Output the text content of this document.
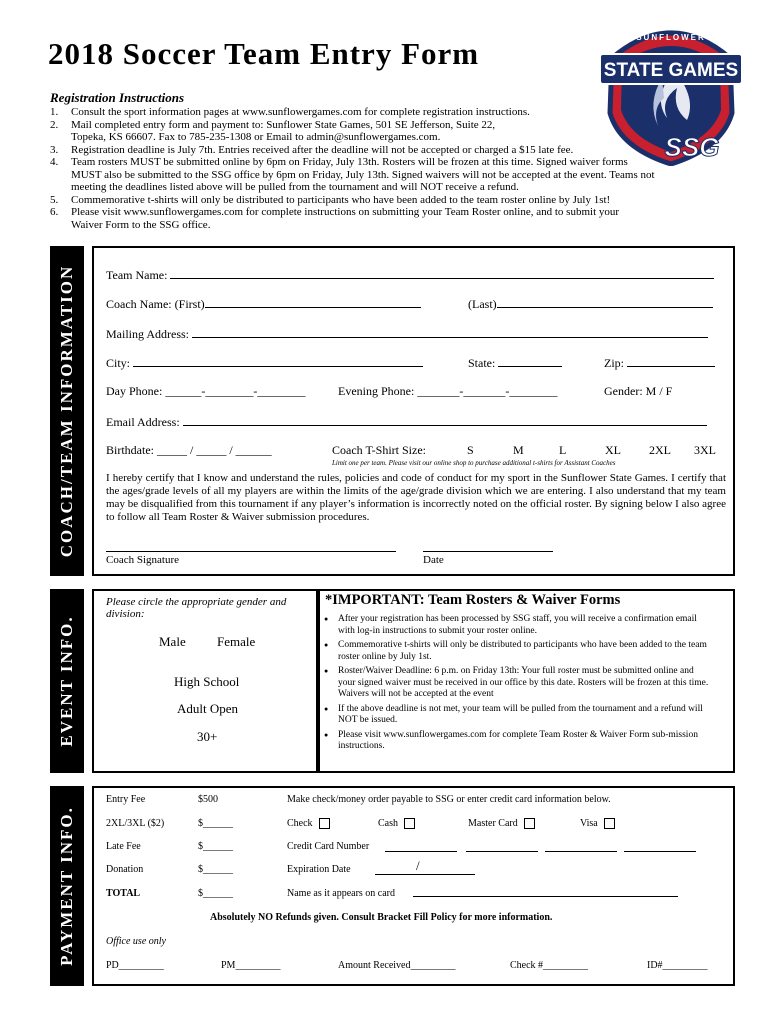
2018 Soccer Team Entry Form	STATE GAMES
SUNFLOWER
SSG
Registration Instructions
1.	Consult the sport information pages at www.sunflowergames.com for complete registration instructions.
2.	Mail completed entry form and payment to: Sunflower State Games, 501 SE Jefferson, Suite 22,
Topeka, KS 66607. Fax to 785-235-1308 or Email to admin@sunflowergames.com.
3.	Registration deadline is July 7th. Entries received after the deadline will not be accepted or charged a $15 late fee.
4.	Team rosters MUST be submitted online by 6pm on Friday, July 13th. Rosters will be frozen at this time. Signed waiver forms
MUST also be submitted to the SSG office by 6pm on Friday, July 13th. Signed waivers will not be accepted at the event. Teams not
meeting the deadlines listed above will be pulled from the tournament and will NOT receive a refund.
5.	Commemorative t-shirts will only be distributed to participants who have been added to the team roster online by July 1st!
6.	Please visit www.sunflowergames.com for complete instructions on submitting your Team Roster online, and to submit your
Waiver Form to the SSG office.
COACH/TEAM INFORMATION	Team Name:
Coach Name: (First)	(Last)
Mailing Address:
City:	State:	Zip:
Day Phone: ______-________-________	Evening Phone: _______-_______-________	Gender: M / F
Email Address:
Birthdate: _____ / _____ / ______	Coach T-Shirt Size:	S	M	L	XL 2XL 3XL
Limit one per team. Please visit our online shop to purchase additional t-shirts for Assistant Coaches
I hereby certify that I know and understand the rules, policies and code of conduct for my sport in the Sunflower State Games. I certify that the ages/grade levels of all my players are within the limits of the age/grade division which we are entering. I also understand that my team may be disqualified from this tournament if any player’s information is incorrectly noted on the official roster. By signing below I also agree to follow all Team Roster & Waiver submission procedures.
Coach Signature	Date
EVENT INFO.
Please circle the appropriate gender and division:
Male Female
High School
Adult Open
30+
*IMPORTANT: Team Rosters & Waiver Forms
● After your registration has been processed by SSG staff, you will receive a confirmation email with log-in instructions to submit your roster online.
● Commemorative t-shirts will only be distributed to participants who have been added to the team roster online by July 1st.
● Roster/Waiver Deadline: 6 p.m. on Friday 13th: Your full roster must be submitted online and your signed waiver must be received in our office by this date. Rosters will be frozen at this time. Waivers will not be accepted at the event
● If the above deadline is not met, your team will be pulled from the tournament and a refund will NOT be issued.
● Please visit www.sunflowergames.com for complete Team Roster & Waiver Form sub-mission instructions.
PAYMENT INFO.
Entry Fee	$500
2XL/3XL ($2)	$______
Late Fee	$______
Donation	$______
TOTAL	$______
Make check/money order payable to SSG or enter credit card information below.
Check	Cash	Master Card	Visa
Credit Card Number
Expiration Date	/
Name as it appears on card
Absolutely NO Refunds given. Consult Bracket Fill Policy for more information.
Office use only
PD_________	PM_________	Amount Received_________	Check #_________	ID#_________
